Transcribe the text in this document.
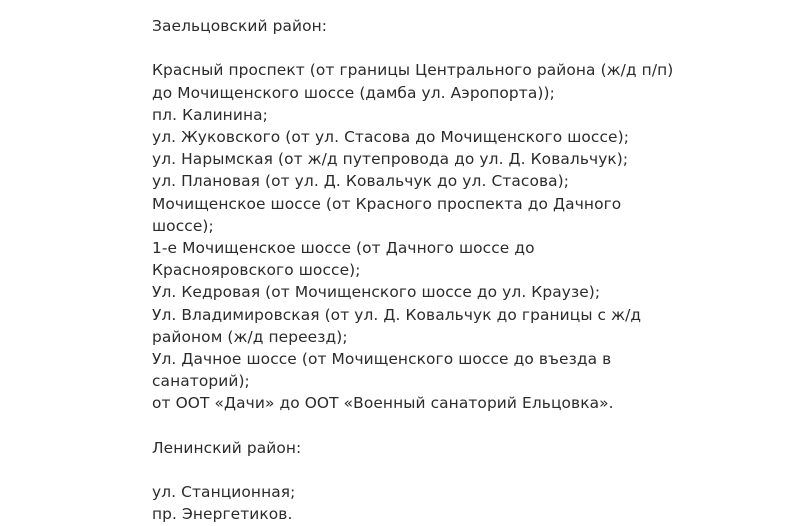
Заельцовский район:

Красный проспект (от границы Центрального района (ж/д п/п)
до Мочищенского шоссе (дамба ул. Аэропорта));
пл. Калинина;
ул. Жуковского (от ул. Стасова до Мочищенского шоссе);
ул. Нарымская (от ж/д путепровода до ул. Д. Ковальчук);
ул. Плановая (от ул. Д. Ковальчук до ул. Стасова);
Мочищенское шоссе (от Красного проспекта до Дачного
шоссе);
1-е Мочищенское шоссе (от Дачного шоссе до
Краснояровского шоссе);
Ул. Кедровая (от Мочищенского шоссе до ул. Краузе);
Ул. Владимировская (от ул. Д. Ковальчук до границы с ж/д
районом (ж/д переезд);
Ул. Дачное шоссе (от Мочищенского шоссе до въезда в
санаторий);
от ООТ «Дачи» до ООТ «Военный санаторий Ельцовка».

Ленинский район:

ул. Станционная;
пр. Энергетиков.
